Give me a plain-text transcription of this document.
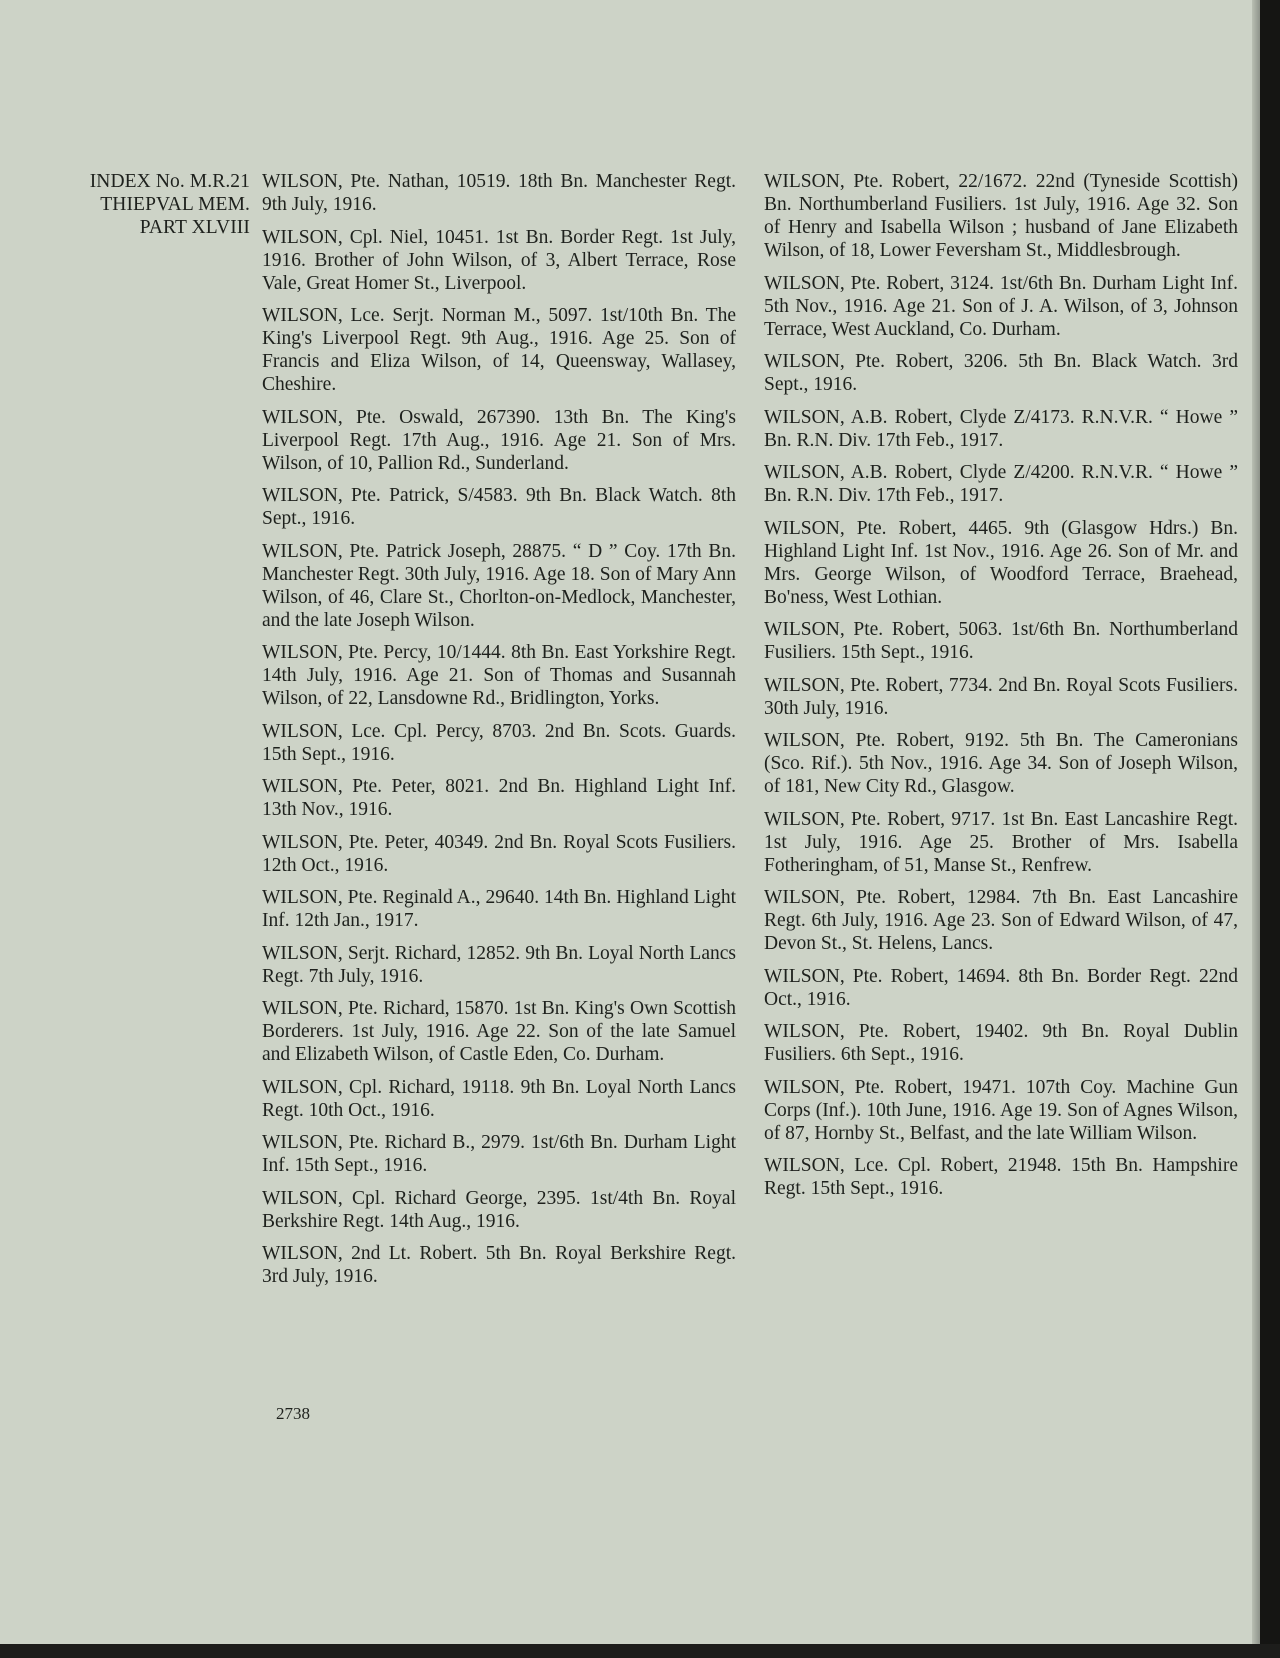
INDEX No. M.R.21
THIEPVAL MEM.
PART XLVIII

WILSON, Pte. Nathan, 10519. 18th Bn. Manchester Regt. 9th July, 1916.

WILSON, Cpl. Niel, 10451. 1st Bn. Border Regt. 1st July, 1916. Brother of John Wilson, of 3, Albert Terrace, Rose Vale, Great Homer St., Liverpool.

WILSON, Lce. Serjt. Norman M., 5097. 1st/10th Bn. The King's Liverpool Regt. 9th Aug., 1916. Age 25. Son of Francis and Eliza Wilson, of 14, Queensway, Wallasey, Cheshire.

WILSON, Pte. Oswald, 267390. 13th Bn. The King's Liverpool Regt. 17th Aug., 1916. Age 21. Son of Mrs. Wilson, of 10, Pallion Rd., Sunderland.

WILSON, Pte. Patrick, S/4583. 9th Bn. Black Watch. 8th Sept., 1916.

WILSON, Pte. Patrick Joseph, 28875. “ D ” Coy. 17th Bn. Manchester Regt. 30th July, 1916. Age 18. Son of Mary Ann Wilson, of 46, Clare St., Chorlton-on-Medlock, Manchester, and the late Joseph Wilson.

WILSON, Pte. Percy, 10/1444. 8th Bn. East Yorkshire Regt. 14th July, 1916. Age 21. Son of Thomas and Susannah Wilson, of 22, Lansdowne Rd., Bridlington, Yorks.

WILSON, Lce. Cpl. Percy, 8703. 2nd Bn. Scots. Guards. 15th Sept., 1916.

WILSON, Pte. Peter, 8021. 2nd Bn. Highland Light Inf. 13th Nov., 1916.

WILSON, Pte. Peter, 40349. 2nd Bn. Royal Scots Fusiliers. 12th Oct., 1916.

WILSON, Pte. Reginald A., 29640. 14th Bn. Highland Light Inf. 12th Jan., 1917.

WILSON, Serjt. Richard, 12852. 9th Bn. Loyal North Lancs Regt. 7th July, 1916.

WILSON, Pte. Richard, 15870. 1st Bn. King's Own Scottish Borderers. 1st July, 1916. Age 22. Son of the late Samuel and Elizabeth Wilson, of Castle Eden, Co. Durham.

WILSON, Cpl. Richard, 19118. 9th Bn. Loyal North Lancs Regt. 10th Oct., 1916.

WILSON, Pte. Richard B., 2979. 1st/6th Bn. Durham Light Inf. 15th Sept., 1916.

WILSON, Cpl. Richard George, 2395. 1st/4th Bn. Royal Berkshire Regt. 14th Aug., 1916.

WILSON, 2nd Lt. Robert. 5th Bn. Royal Berkshire Regt. 3rd July, 1916.

WILSON, Pte. Robert, 22/1672. 22nd (Tyneside Scottish) Bn. Northumberland Fusiliers. 1st July, 1916. Age 32. Son of Henry and Isabella Wilson ; husband of Jane Elizabeth Wilson, of 18, Lower Feversham St., Middlesbrough.

WILSON, Pte. Robert, 3124. 1st/6th Bn. Durham Light Inf. 5th Nov., 1916. Age 21. Son of J. A. Wilson, of 3, Johnson Terrace, West Auckland, Co. Durham.

WILSON, Pte. Robert, 3206. 5th Bn. Black Watch. 3rd Sept., 1916.

WILSON, A.B. Robert, Clyde Z/4173. R.N.V.R. “ Howe ” Bn. R.N. Div. 17th Feb., 1917.

WILSON, A.B. Robert, Clyde Z/4200. R.N.V.R. “ Howe ” Bn. R.N. Div. 17th Feb., 1917.

WILSON, Pte. Robert, 4465. 9th (Glasgow Hdrs.) Bn. Highland Light Inf. 1st Nov., 1916. Age 26. Son of Mr. and Mrs. George Wilson, of Woodford Terrace, Braehead, Bo'ness, West Lothian.

WILSON, Pte. Robert, 5063. 1st/6th Bn. Northumberland Fusiliers. 15th Sept., 1916.

WILSON, Pte. Robert, 7734. 2nd Bn. Royal Scots Fusiliers. 30th July, 1916.

WILSON, Pte. Robert, 9192. 5th Bn. The Cameronians (Sco. Rif.). 5th Nov., 1916. Age 34. Son of Joseph Wilson, of 181, New City Rd., Glasgow.

WILSON, Pte. Robert, 9717. 1st Bn. East Lancashire Regt. 1st July, 1916. Age 25. Brother of Mrs. Isabella Fotheringham, of 51, Manse St., Renfrew.

WILSON, Pte. Robert, 12984. 7th Bn. East Lancashire Regt. 6th July, 1916. Age 23. Son of Edward Wilson, of 47, Devon St., St. Helens, Lancs.

WILSON, Pte. Robert, 14694. 8th Bn. Border Regt. 22nd Oct., 1916.

WILSON, Pte. Robert, 19402. 9th Bn. Royal Dublin Fusiliers. 6th Sept., 1916.

WILSON, Pte. Robert, 19471. 107th Coy. Machine Gun Corps (Inf.). 10th June, 1916. Age 19. Son of Agnes Wilson, of 87, Hornby St., Belfast, and the late William Wilson.

WILSON, Lce. Cpl. Robert, 21948. 15th Bn. Hampshire Regt. 15th Sept., 1916.

2738
